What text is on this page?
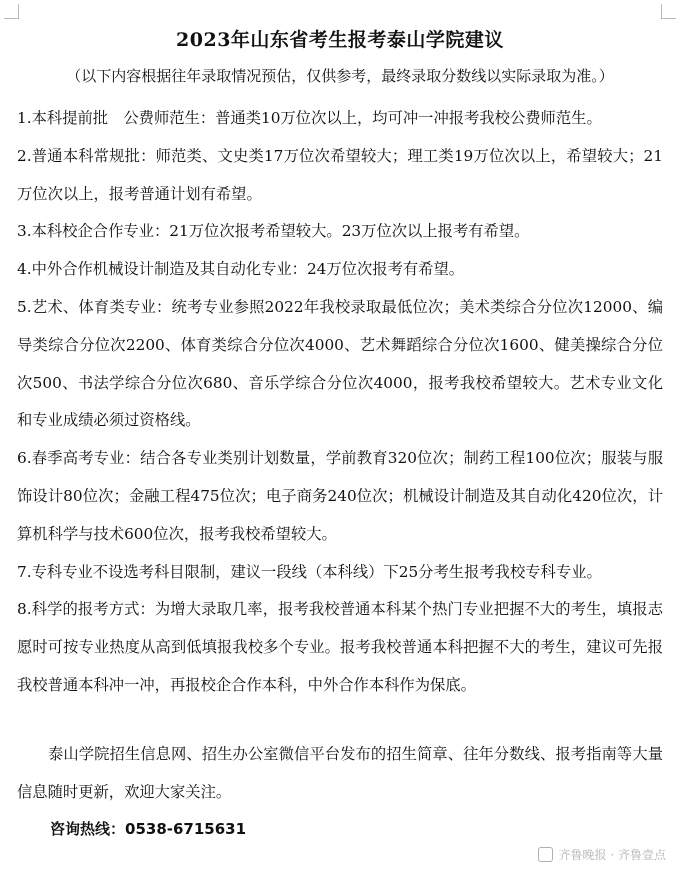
2023年山东省考生报考泰山学院建议
（以下内容根据往年录取情况预估，仅供参考，最终录取分数线以实际录取为准。）

1.本科提前批　公费师范生：普通类10万位次以上，均可冲一冲报考我校公费师范生。

2.普通本科常规批：师范类、文史类17万位次希望较大；理工类19万位次以上，希望较大；21万位次以上，报考普通计划有希望。

3.本科校企合作专业：21万位次报考希望较大。23万位次以上报考有希望。

4.中外合作机械设计制造及其自动化专业：24万位次报考有希望。

5.艺术、体育类专业：统考专业参照2022年我校录取最低位次；美术类综合分位次12000、编导类综合分位次2200、体育类综合分位次4000、艺术舞蹈综合分位次1600、健美操综合分位次500、书法学综合分位次680、音乐学综合分位次4000，报考我校希望较大。艺术专业文化和专业成绩必须过资格线。

6.春季高考专业：结合各专业类别计划数量，学前教育320位次；制药工程100位次；服装与服饰设计80位次；金融工程475位次；电子商务240位次；机械设计制造及其自动化420位次，计算机科学与技术600位次，报考我校希望较大。

7.专科专业不设选考科目限制，建议一段线（本科线）下25分考生报考我校专科专业。

8.科学的报考方式：为增大录取几率，报考我校普通本科某个热门专业把握不大的考生，填报志愿时可按专业热度从高到低填报我校多个专业。报考我校普通本科把握不大的考生，建议可先报我校普通本科冲一冲，再报校企合作本科，中外合作本科作为保底。

泰山学院招生信息网、招生办公室微信平台发布的招生简章、往年分数线、报考指南等大量信息随时更新，欢迎大家关注。

咨询热线：0538-6715631

齐鲁晚报 · 齐鲁壹点
